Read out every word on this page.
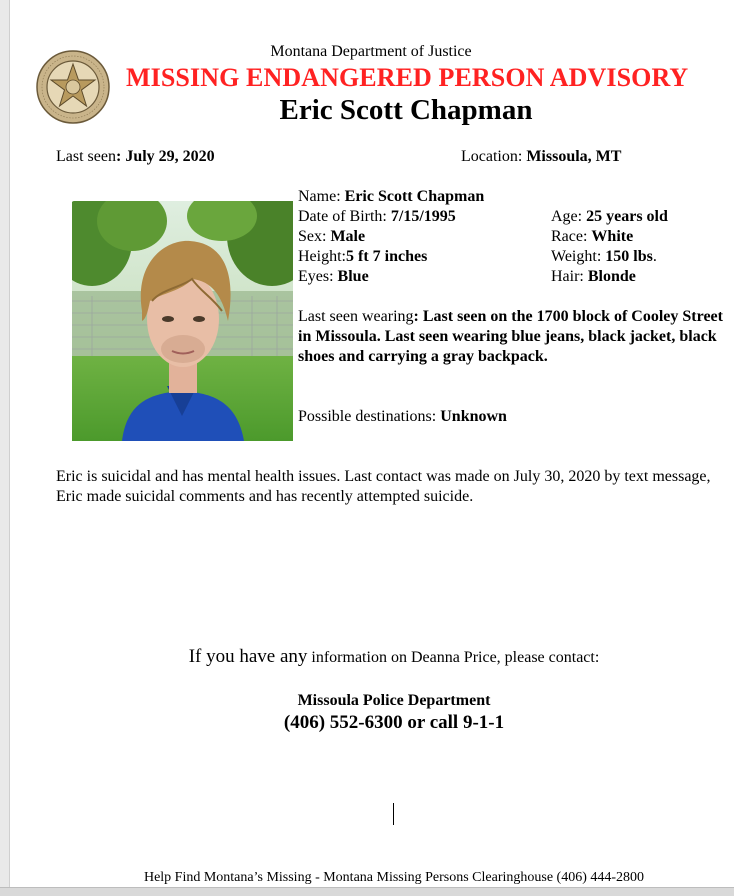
Montana Department of Justice
MISSING ENDANGERED PERSON ADVISORY
Eric Scott Chapman
Last seen: July 29, 2020	Location: Missoula, MT
Name: Eric Scott Chapman
Date of Birth: 7/15/1995	Age: 25 years old
Sex: Male	Race: White
Height:5 ft 7 inches	Weight: 150 lbs.
Eyes: Blue	Hair: Blonde
Last seen wearing: Last seen on the 1700 block of Cooley Street in Missoula. Last seen wearing blue jeans, black jacket, black shoes and carrying a gray backpack.
Possible destinations: Unknown
Eric is suicidal and has mental health issues. Last contact was made on July 30, 2020 by text message, Eric made suicidal comments and has recently attempted suicide.
If you have any information on Deanna Price, please contact:
Missoula Police Department
(406) 552-6300 or call 9-1-1
Help Find Montana’s Missing - Montana Missing Persons Clearinghouse (406) 444-2800
